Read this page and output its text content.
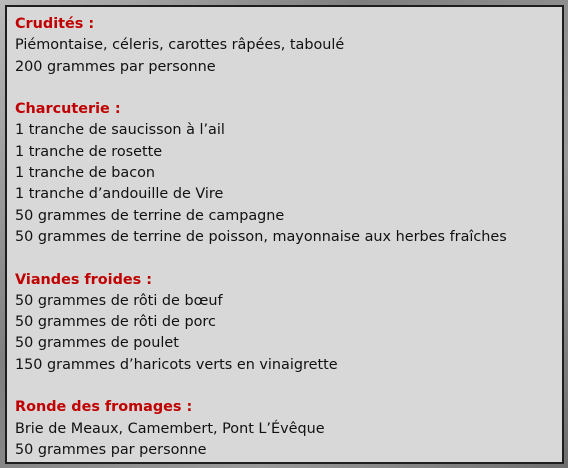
Crudités :
Piémontaise, céleris, carottes râpées, taboulé
200 grammes par personne
Charcuterie :
1 tranche de saucisson à l’ail
1 tranche de rosette
1 tranche de bacon
1 tranche d’andouille de Vire
50 grammes de terrine de campagne
50 grammes de terrine de poisson, mayonnaise aux herbes fraîches
Viandes froides :
50 grammes de rôti de bœuf
50 grammes de rôti de porc
50 grammes de poulet
150 grammes d’haricots verts en vinaigrette
Ronde des fromages :
Brie de Meaux, Camembert, Pont L’Évêque
50 grammes par personne
